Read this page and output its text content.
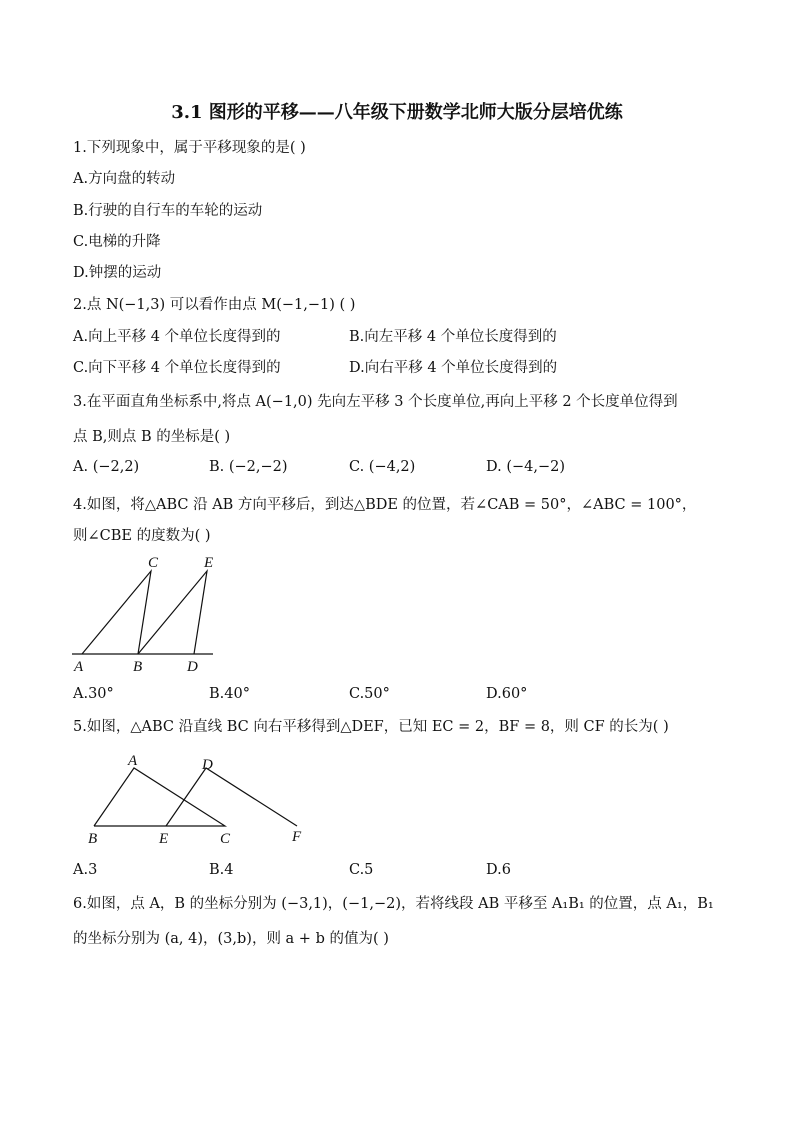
3.1 图形的平移——八年级下册数学北师大版分层培优练
1.下列现象中，属于平移现象的是( )
A.方向盘的转动
B.行驶的自行车的车轮的运动
C.电梯的升降
D.钟摆的运动
2.点 N(−1,3) 可以看作由点 M(−1,−1) ( )
A.向上平移 4 个单位长度得到的	B.向左平移 4 个单位长度得到的
C.向下平移 4 个单位长度得到的	D.向右平移 4 个单位长度得到的
3.在平面直角坐标系中,将点 A(−1,0) 先向左平移 3 个长度单位,再向上平移 2 个长度单位得到
点 B,则点 B 的坐标是( )
A. (−2,2)	B. (−2,−2)	C. (−4,2)	D. (−4,−2)
4.如图，将△ABC 沿 AB 方向平移后，到达△BDE 的位置，若∠CAB = 50°，∠ABC = 100°，
则∠CBE 的度数为( )
C	E
A	B	D
A.30°	B.40°	C.50°	D.60°
5.如图，△ABC 沿直线 BC 向右平移得到△DEF，已知 EC = 2，BF = 8，则 CF 的长为( )
A	D
B	E	C	F
A.3	B.4	C.5	D.6
6.如图，点 A，B 的坐标分别为 (−3,1)，(−1,−2)，若将线段 AB 平移至 A₁B₁ 的位置，点 A₁，B₁
的坐标分别为 (a, 4)，(3,b)，则 a + b 的值为( )
